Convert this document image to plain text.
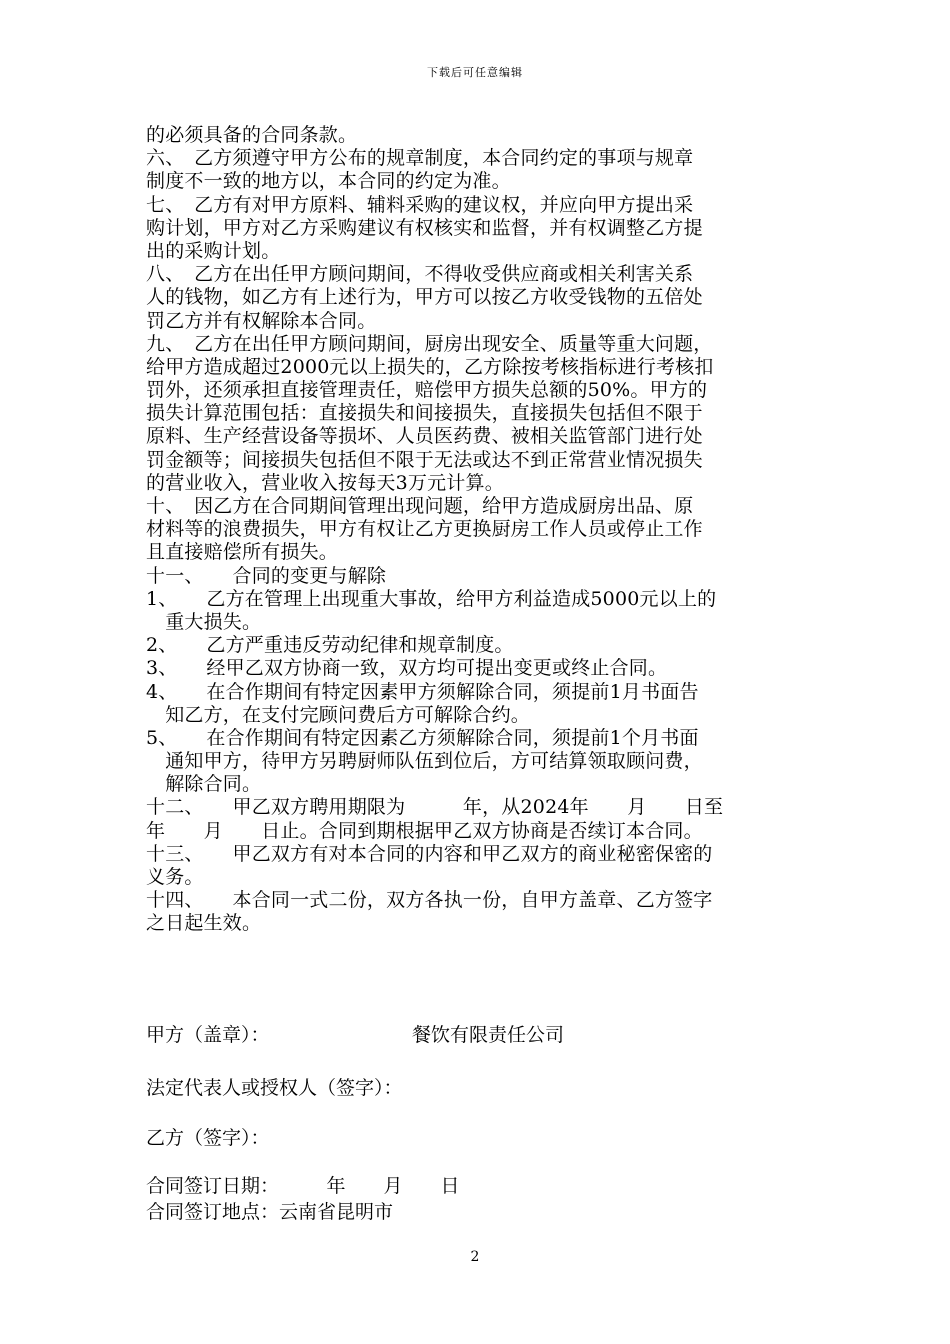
下载后可任意编辑
的必须具备的合同条款。
六、　乙方须遵守甲方公布的规章制度，本合同约定的事项与规章
制度不一致的地方以，本合同的约定为准。
七、　乙方有对甲方原料、辅料采购的建议权，并应向甲方提出采
购计划，甲方对乙方采购建议有权核实和监督，并有权调整乙方提
出的采购计划。
八、　乙方在出任甲方顾问期间，不得收受供应商或相关利害关系
人的钱物，如乙方有上述行为，甲方可以按乙方收受钱物的五倍处
罚乙方并有权解除本合同。
九、　乙方在出任甲方顾问期间，厨房出现安全、质量等重大问题，
给甲方造成超过2000元以上损失的，乙方除按考核指标进行考核扣
罚外，还须承担直接管理责任，赔偿甲方损失总额的50%。甲方的
损失计算范围包括：直接损失和间接损失，直接损失包括但不限于
原料、生产经营设备等损坏、人员医药费、被相关监管部门进行处
罚金额等；间接损失包括但不限于无法或达不到正常营业情况损失
的营业收入，营业收入按每天3万元计算。
十、　因乙方在合同期间管理出现问题，给甲方造成厨房出品、原
材料等的浪费损失，甲方有权让乙方更换厨房工作人员或停止工作
且直接赔偿所有损失。
十一、　　合同的变更与解除
1、　　乙方在管理上出现重大事故，给甲方利益造成5000元以上的
　重大损失。
2、　　乙方严重违反劳动纪律和规章制度。
3、　　经甲乙双方协商一致，双方均可提出变更或终止合同。
4、　　在合作期间有特定因素甲方须解除合同，须提前1月书面告
　知乙方，在支付完顾问费后方可解除合约。
5、　　在合作期间有特定因素乙方须解除合同，须提前1个月书面
　通知甲方，待甲方另聘厨师队伍到位后，方可结算领取顾问费，
　解除合同。
十二、　　甲乙双方聘用期限为　　　年，从2024年　　月　　日至
年　　月　　日止。合同到期根据甲乙双方协商是否续订本合同。
十三、　　甲乙双方有对本合同的内容和甲乙双方的商业秘密保密的
义务。
十四、　　本合同一式二份，双方各执一份，自甲方盖章、乙方签字
之日起生效。
甲方（盖章）：　　　　　　　　餐饮有限责任公司
法定代表人或授权人（签字）：
乙方（签字）：
合同签订日期：　　　年　　月　　日
合同签订地点：云南省昆明市
2
